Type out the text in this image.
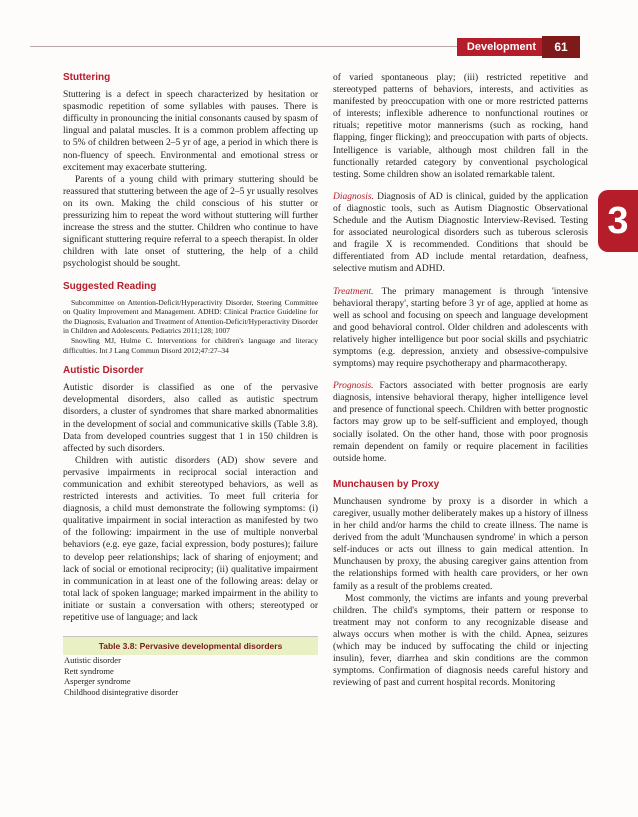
Development	61
3
Stuttering

Stuttering is a defect in speech characterized by hesitation or spasmodic repetition of some syllables with pauses. There is difficulty in pronouncing the initial consonants caused by spasm of lingual and palatal muscles. It is a common problem affecting up to 5% of children between 2–5 yr of age, a period in which there is non-fluency of speech. Environmental and emotional stress or excitement may exacerbate stuttering.

Parents of a young child with primary stuttering should be reassured that stuttering between the age of 2–5 yr usually resolves on its own. Making the child conscious of his stutter or pressurizing him to repeat the word without stuttering will further increase the stress and the stutter. Children who continue to have significant stuttering require referral to a speech therapist. In older children with late onset of stuttering, the help of a child psychologist should be sought.

Suggested Reading

Subcommittee on Attention-Deficit/Hyperactivity Disorder, Steering Committee on Quality Improvement and Management. ADHD: Clinical Practice Guideline for the Diagnosis, Evaluation and Treatment of Attention-Deficit/Hyperactivity Disorder in Children and Adolescents. Pediatrics 2011;128; 1007

Snowling MJ, Hulme C. Interventions for children's language and literacy difficulties. Int J Lang Commun Disord 2012;47:27–34

Autistic Disorder

Autistic disorder is classified as one of the pervasive developmental disorders, also called as autistic spectrum disorders, a cluster of syndromes that share marked abnormalities in the development of social and communicative skills (Table 3.8). Data from developed countries suggest that 1 in 150 children is affected by such disorders.

Children with autistic disorders (AD) show severe and pervasive impairments in reciprocal social interaction and communication and exhibit stereotyped behaviors, as well as restricted interests and activities. To meet full criteria for diagnosis, a child must demonstrate the following symptoms: (i) qualitative impairment in social interaction as manifested by two of the following: impairment in the use of multiple nonverbal behaviors (e.g. eye gaze, facial expression, body postures); failure to develop peer relationships; lack of sharing of enjoyment; and lack of social or emotional reciprocity; (ii) qualitative impairment in communication in at least one of the following areas: delay or total lack of spoken language; marked impairment in the ability to initiate or sustain a conversation with others; stereotyped or repetitive use of language; and lack

Table 3.8: Pervasive developmental disorders
Autistic disorder
Rett syndrome
Asperger syndrome
Childhood disintegrative disorder

of varied spontaneous play; (iii) restricted repetitive and stereotyped patterns of behaviors, interests, and activities as manifested by preoccupation with one or more restricted patterns of interests; inflexible adherence to nonfunctional routines or rituals; repetitive motor mannerisms (such as rocking, hand flapping, finger flicking); and preoccupation with parts of objects. Intelligence is variable, although most children fall in the functionally retarded category by conventional psychological testing. Some children show an isolated remarkable talent.

Diagnosis. Diagnosis of AD is clinical, guided by the application of diagnostic tools, such as Autism Diagnostic Observational Schedule and the Autism Diagnostic Interview-Revised. Testing for associated neurological disorders such as tuberous sclerosis and fragile X is recommended. Conditions that should be differentiated from AD include mental retardation, deafness, selective mutism and ADHD.

Treatment. The primary management is through 'intensive behavioral therapy', starting before 3 yr of age, applied at home as well as school and focusing on speech and language development and good behavioral control. Older children and adolescents with relatively higher intelligence but poor social skills and psychiatric symptoms (e.g. depression, anxiety and obsessive-compulsive symptoms) may require psychotherapy and pharmacotherapy.

Prognosis. Factors associated with better prognosis are early diagnosis, intensive behavioral therapy, higher intelligence level and presence of functional speech. Children with better prognostic factors may grow up to be self-sufficient and employed, though socially isolated. On the other hand, those with poor prognosis remain dependent on family or require placement in facilities outside home.

Munchausen by Proxy

Munchausen syndrome by proxy is a disorder in which a caregiver, usually mother deliberately makes up a history of illness in her child and/or harms the child to create illness. The name is derived from the adult 'Munchausen syndrome' in which a person self-induces or acts out illness to gain medical attention. In Munchausen by proxy, the abusing caregiver gains attention from the relationships formed with health care providers, or her own family as a result of the problems created.

Most commonly, the victims are infants and young preverbal children. The child's symptoms, their pattern or response to treatment may not conform to any recognizable disease and always occurs when mother is with the child. Apnea, seizures (which may be induced by suffocating the child or injecting insulin), fever, diarrhea and skin conditions are the common symptoms. Confirmation of diagnosis needs careful history and reviewing of past and current hospital records. Monitoring
